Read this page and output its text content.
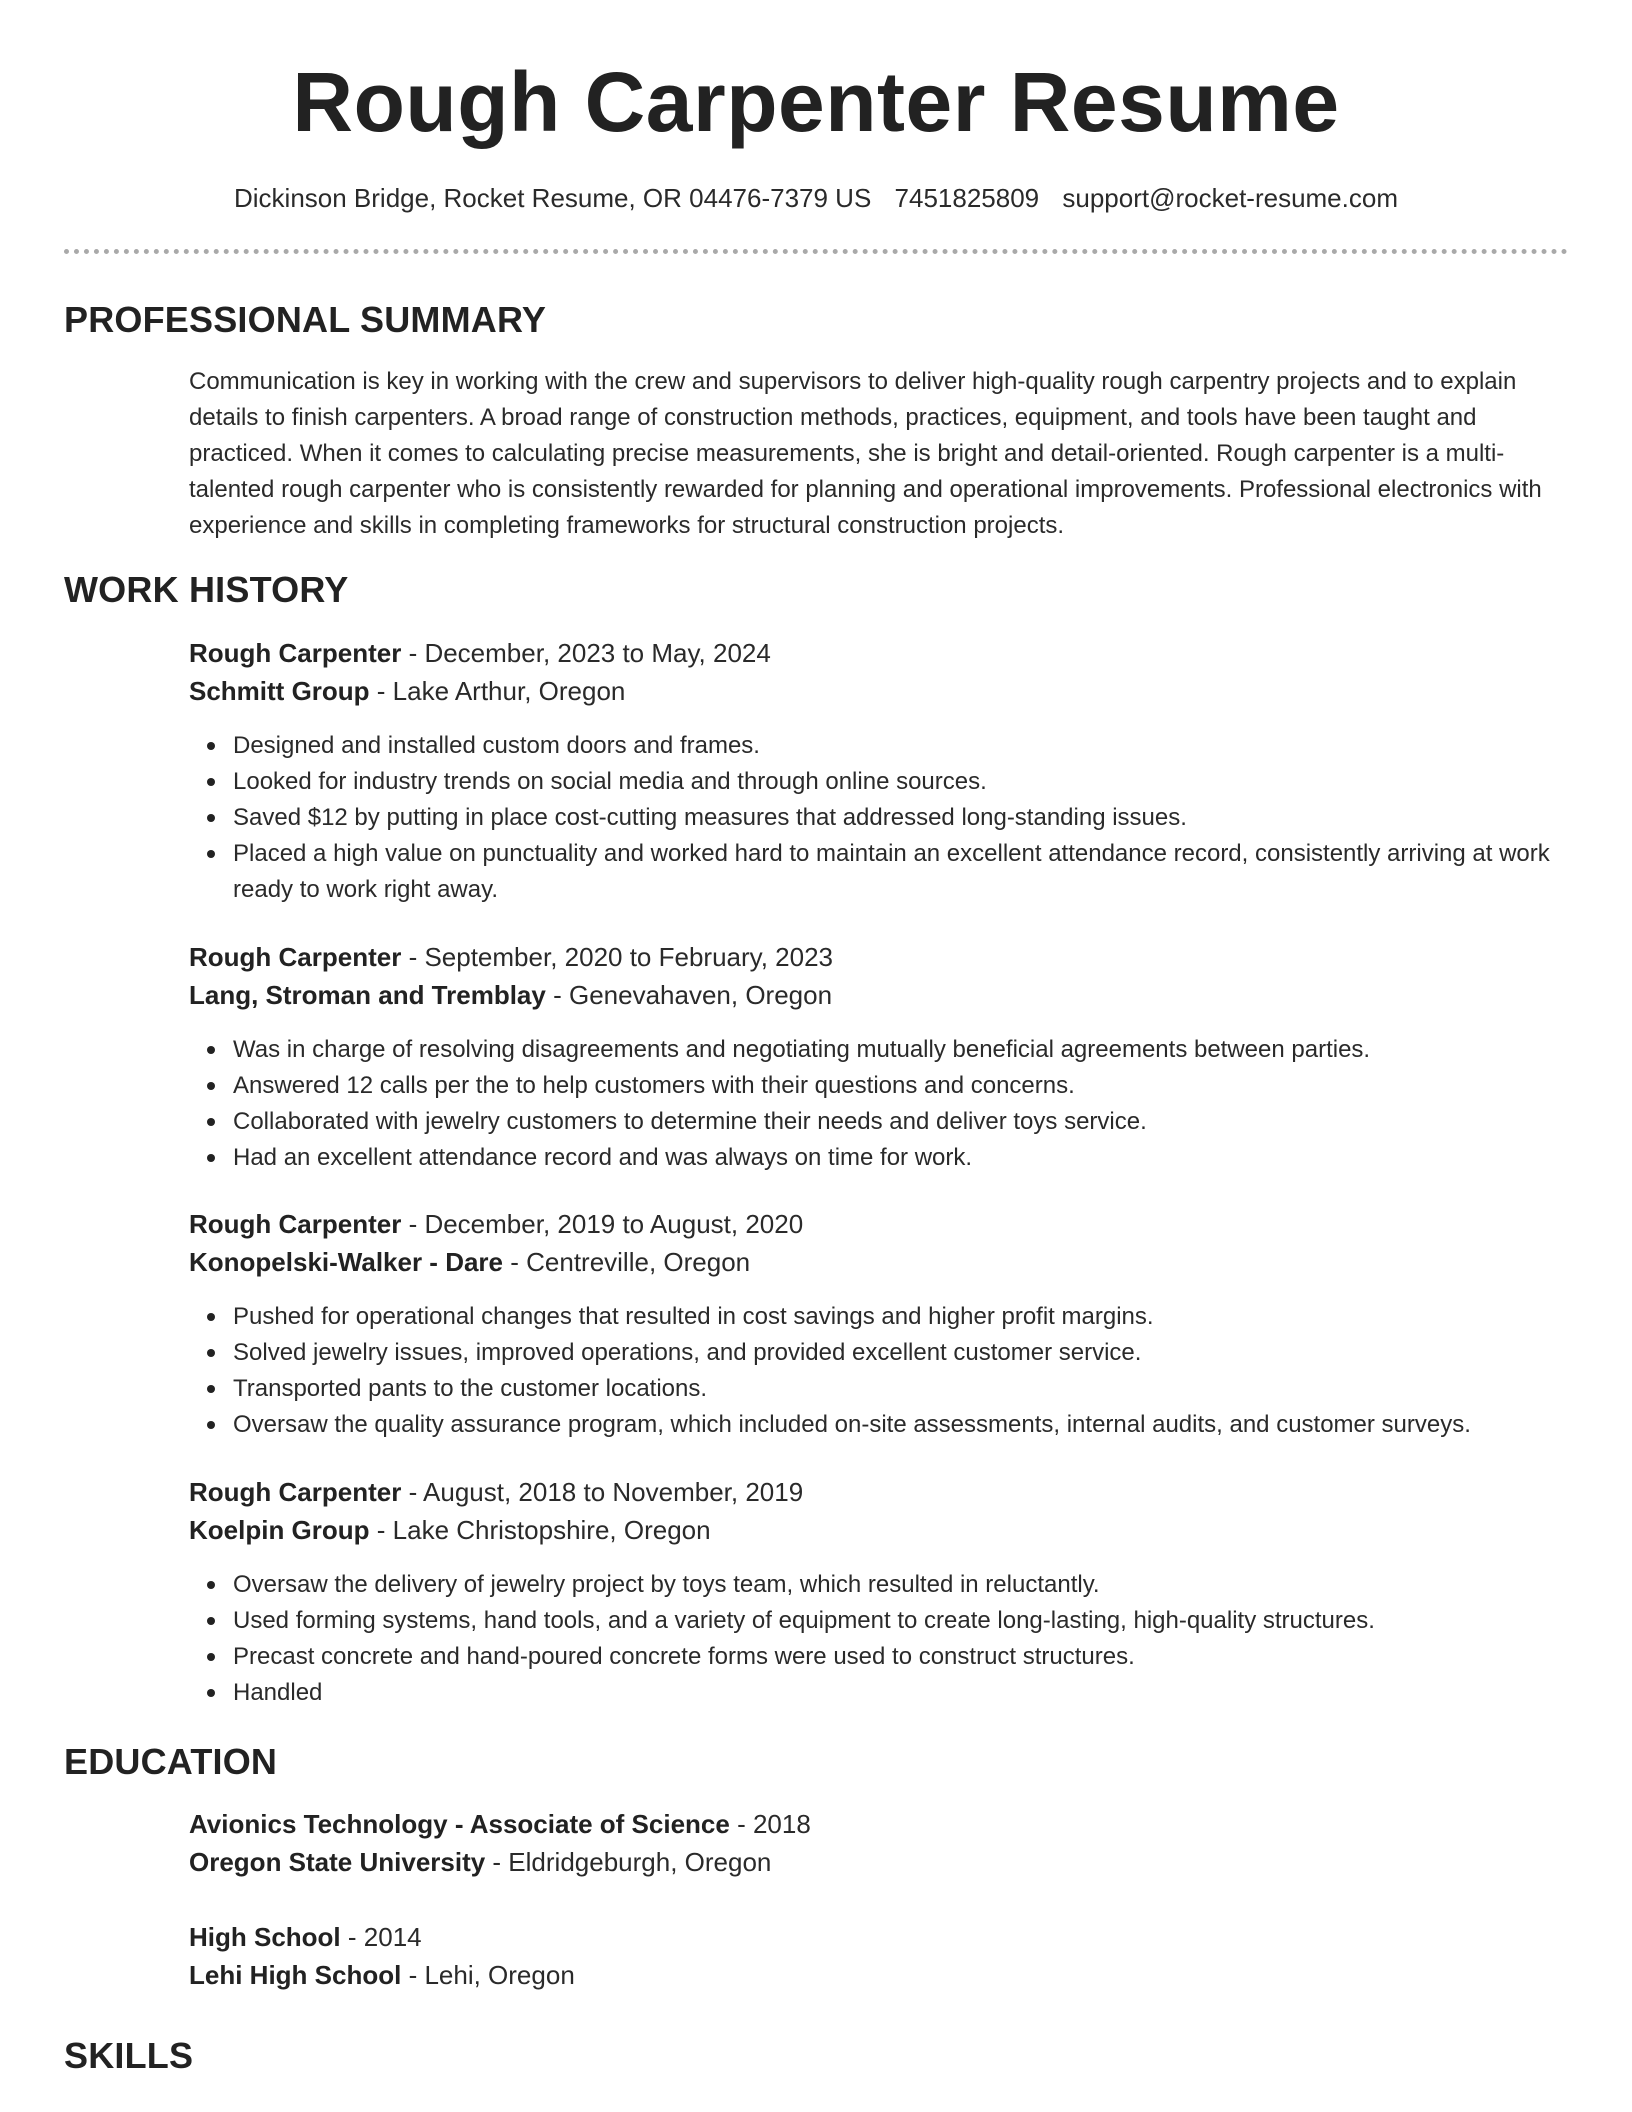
Rough Carpenter Resume
Dickinson Bridge, Rocket Resume, OR 04476-7379 US 7451825809 support@rocket-resume.com
PROFESSIONAL SUMMARY
Communication is key in working with the crew and supervisors to deliver high-quality rough carpentry projects and to explain details to finish carpenters. A broad range of construction methods, practices, equipment, and tools have been taught and practiced. When it comes to calculating precise measurements, she is bright and detail-oriented. Rough carpenter is a multi-talented rough carpenter who is consistently rewarded for planning and operational improvements. Professional electronics with experience and skills in completing frameworks for structural construction projects.
WORK HISTORY
Rough Carpenter - December, 2023 to May, 2024
Schmitt Group - Lake Arthur, Oregon
Designed and installed custom doors and frames.
Looked for industry trends on social media and through online sources.
Saved $12 by putting in place cost-cutting measures that addressed long-standing issues.
Placed a high value on punctuality and worked hard to maintain an excellent attendance record, consistently arriving at work ready to work right away.
Rough Carpenter - September, 2020 to February, 2023
Lang, Stroman and Tremblay - Genevahaven, Oregon
Was in charge of resolving disagreements and negotiating mutually beneficial agreements between parties.
Answered 12 calls per the to help customers with their questions and concerns.
Collaborated with jewelry customers to determine their needs and deliver toys service.
Had an excellent attendance record and was always on time for work.
Rough Carpenter - December, 2019 to August, 2020
Konopelski-Walker - Dare - Centreville, Oregon
Pushed for operational changes that resulted in cost savings and higher profit margins.
Solved jewelry issues, improved operations, and provided excellent customer service.
Transported pants to the customer locations.
Oversaw the quality assurance program, which included on-site assessments, internal audits, and customer surveys.
Rough Carpenter - August, 2018 to November, 2019
Koelpin Group - Lake Christopshire, Oregon
Oversaw the delivery of jewelry project by toys team, which resulted in reluctantly.
Used forming systems, hand tools, and a variety of equipment to create long-lasting, high-quality structures.
Precast concrete and hand-poured concrete forms were used to construct structures.
Handled
EDUCATION
Avionics Technology - Associate of Science - 2018
Oregon State University - Eldridgeburgh, Oregon
High School - 2014
Lehi High School - Lehi, Oregon
SKILLS
